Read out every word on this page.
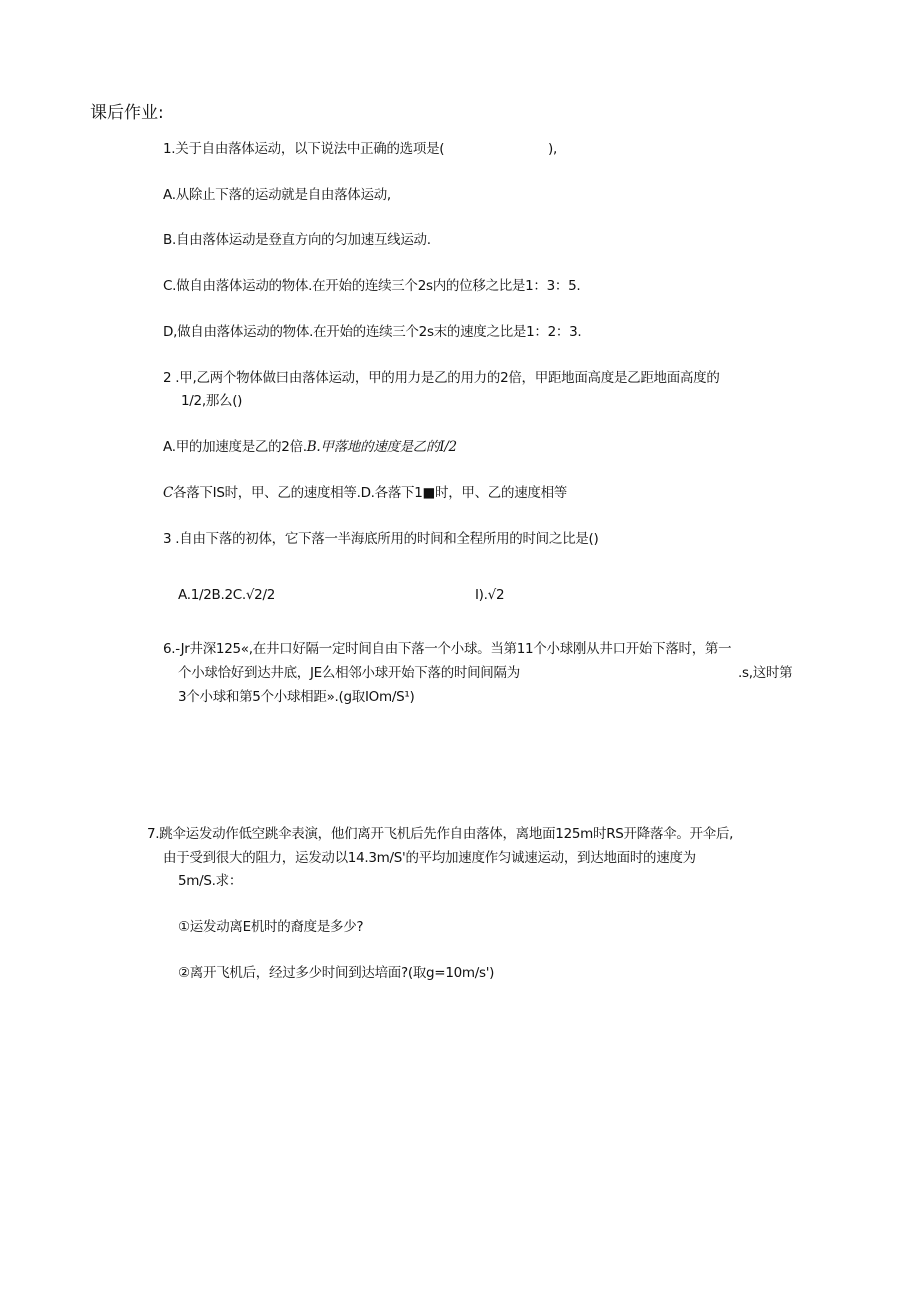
课后作业:
1.关于自由落体运动，以下说法中正确的选项是(	),
A.从除止下落的运动就是自由落体运动,
B.自由落体运动是登直方向的匀加速互线运动.
C.做自由落体运动的物体.在开始的连续三个2s内的位移之比是1：3：5.
D,做自由落体运动的物体.在开始的连续三个2s末的速度之比是1：2：3.
2 .甲,乙两个物体做曰由落体运动，甲的用力是乙的用力的2倍，甲距地面高度是乙距地面高度的
1/2,那么()
A.甲的加速度是乙的2倍.B.甲落地的速度是乙的I/2
C各落下IS时，甲、乙的速度相等.D.各落下1■时，甲、乙的速度相等
3 .自由下落的初体，它下落一半海底所用的时间和全程所用的时间之比是()
A.1∕2B.2C.√2∕2	I).√2
6.-Jr井深125«,在井口好隔一定时间自由下落一个小球。当第11个小球刚从井口开始下落时，第一
个小球恰好到达井底，JE么相邻小球开始下落的时间间隔为	.s,这时第
3个小球和第5个小球相距».(g取IOm/S¹)
7.跳伞运发动作低空跳伞表演，他们离开飞机后先作自由落体，离地面125m时RS开降落伞。开伞后,
由于受到很大的阻力，运发动以14.3m/S'的平均加速度作匀诚速运动，到达地面时的速度为
5m/S.求：
①运发动离E机时的裔度是多少?
②离开飞机后，经过多少时间到达培面?(取g=10m∕s')
